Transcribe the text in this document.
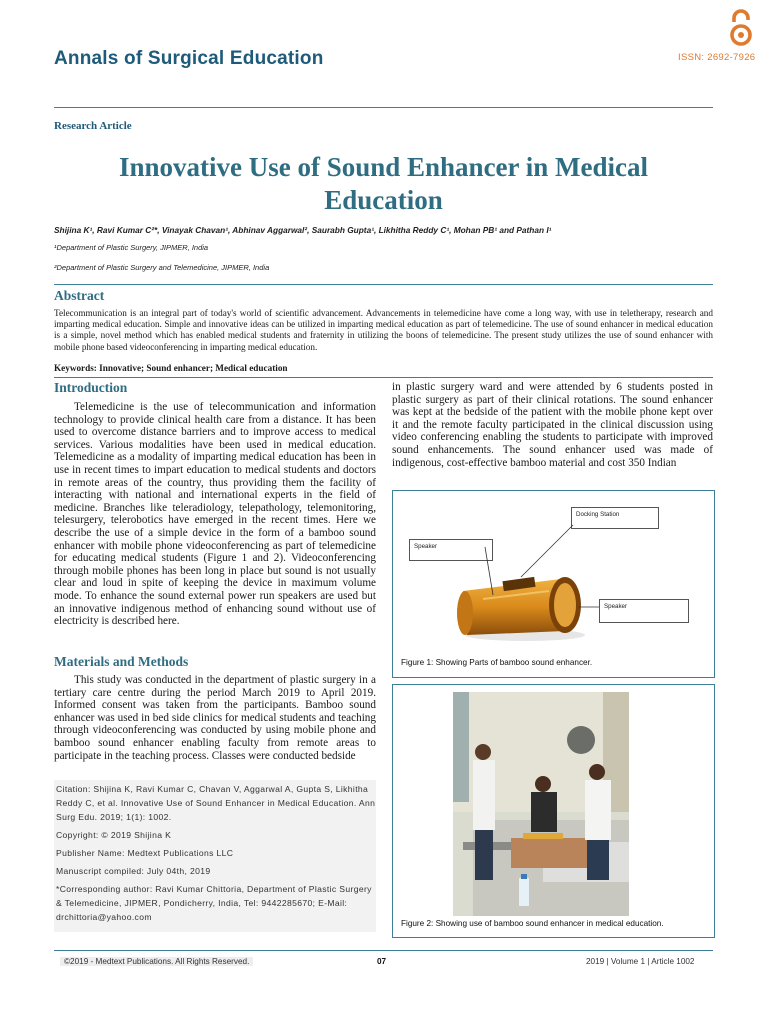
Annals of Surgical Education	ISSN: 2692-7926
Research Article
Innovative Use of Sound Enhancer in Medical
Education
Shijina K¹, Ravi Kumar C²*, Vinayak Chavan¹, Abhinav Aggarwal², Saurabh Gupta¹, Likhitha Reddy C¹, Mohan PB¹ and Pathan I¹
¹Department of Plastic Surgery, JIPMER, India
²Department of Plastic Surgery and Telemedicine, JIPMER, India
Abstract
Telecommunication is an integral part of today's world of scientific advancement. Advancements in telemedicine have come a long way, with use in teletherapy, research and imparting medical education. Simple and innovative ideas can be utilized in imparting medical education as part of telemedicine. The use of sound enhancer in medical education is a simple, novel method which has enabled medical students and fraternity in utilizing the boons of telemedicine. The present study utilizes the use of sound enhancer with mobile phone based videoconferencing in imparting medical education.
Keywords: Innovative; Sound enhancer; Medical education
Introduction

Telemedicine is the use of telecommunication and information technology to provide clinical health care from a distance. It has been used to overcome distance barriers and to improve access to medical services. Various modalities have been used in medical education. Telemedicine as a modality of imparting medical education has been in use in recent times to impart education to medical students and doctors in remote areas of the country, thus providing them the facility of interacting with national and international experts in the field of medicine. Branches like teleradiology, telepathology, telemonitoring, telesurgery, telerobotics have emerged in the recent times. Here we describe the use of a simple device in the form of a bamboo sound enhancer with mobile phone videoconferencing as part of telemedicine for educating medical students (Figure 1 and 2). Videoconferencing through mobile phones has been long in place but sound is not usually clear and loud in spite of keeping the device in maximum volume mode. To enhance the sound external power run speakers are used but an innovative indigenous method of enhancing sound without use of electricity is described here.

Materials and Methods

This study was conducted in the department of plastic surgery in a tertiary care centre during the period March 2019 to April 2019. Informed consent was taken from the participants. Bamboo sound enhancer was used in bed side clinics for medical students and teaching through videoconferencing was conducted by using mobile phone and bamboo sound enhancer enabling faculty from remote areas to participate in the teaching process. Classes were conducted bedside

Citation: Shijina K, Ravi Kumar C, Chavan V, Aggarwal A, Gupta S, Likhitha Reddy C, et al. Innovative Use of Sound Enhancer in Medical Education. Ann Surg Edu. 2019; 1(1): 1002.

Copyright: © 2019 Shijina K

Publisher Name: Medtext Publications LLC

Manuscript compiled: July 04th, 2019

*Corresponding author: Ravi Kumar Chittoria, Department of Plastic Surgery & Telemedicine, JIPMER, Pondicherry, India, Tel: 9442285670; E-Mail: drchittoria@yahoo.com

in plastic surgery ward and were attended by 6 students posted in plastic surgery as part of their clinical rotations. The sound enhancer was kept at the bedside of the patient with the mobile phone kept over it and the remote faculty participated in the clinical discussion using video conferencing enabling the students to participate with improved sound enhancements. The sound enhancer used was made of indigenous, cost-effective bamboo material and cost 350 Indian

Docking Station
Speaker
Speaker
Figure 1: Showing Parts of bamboo sound enhancer.
Figure 2: Showing use of bamboo sound enhancer in medical education.
©2019 - Medtext Publications. All Rights Reserved.	07	2019 | Volume 1 | Article 1002
